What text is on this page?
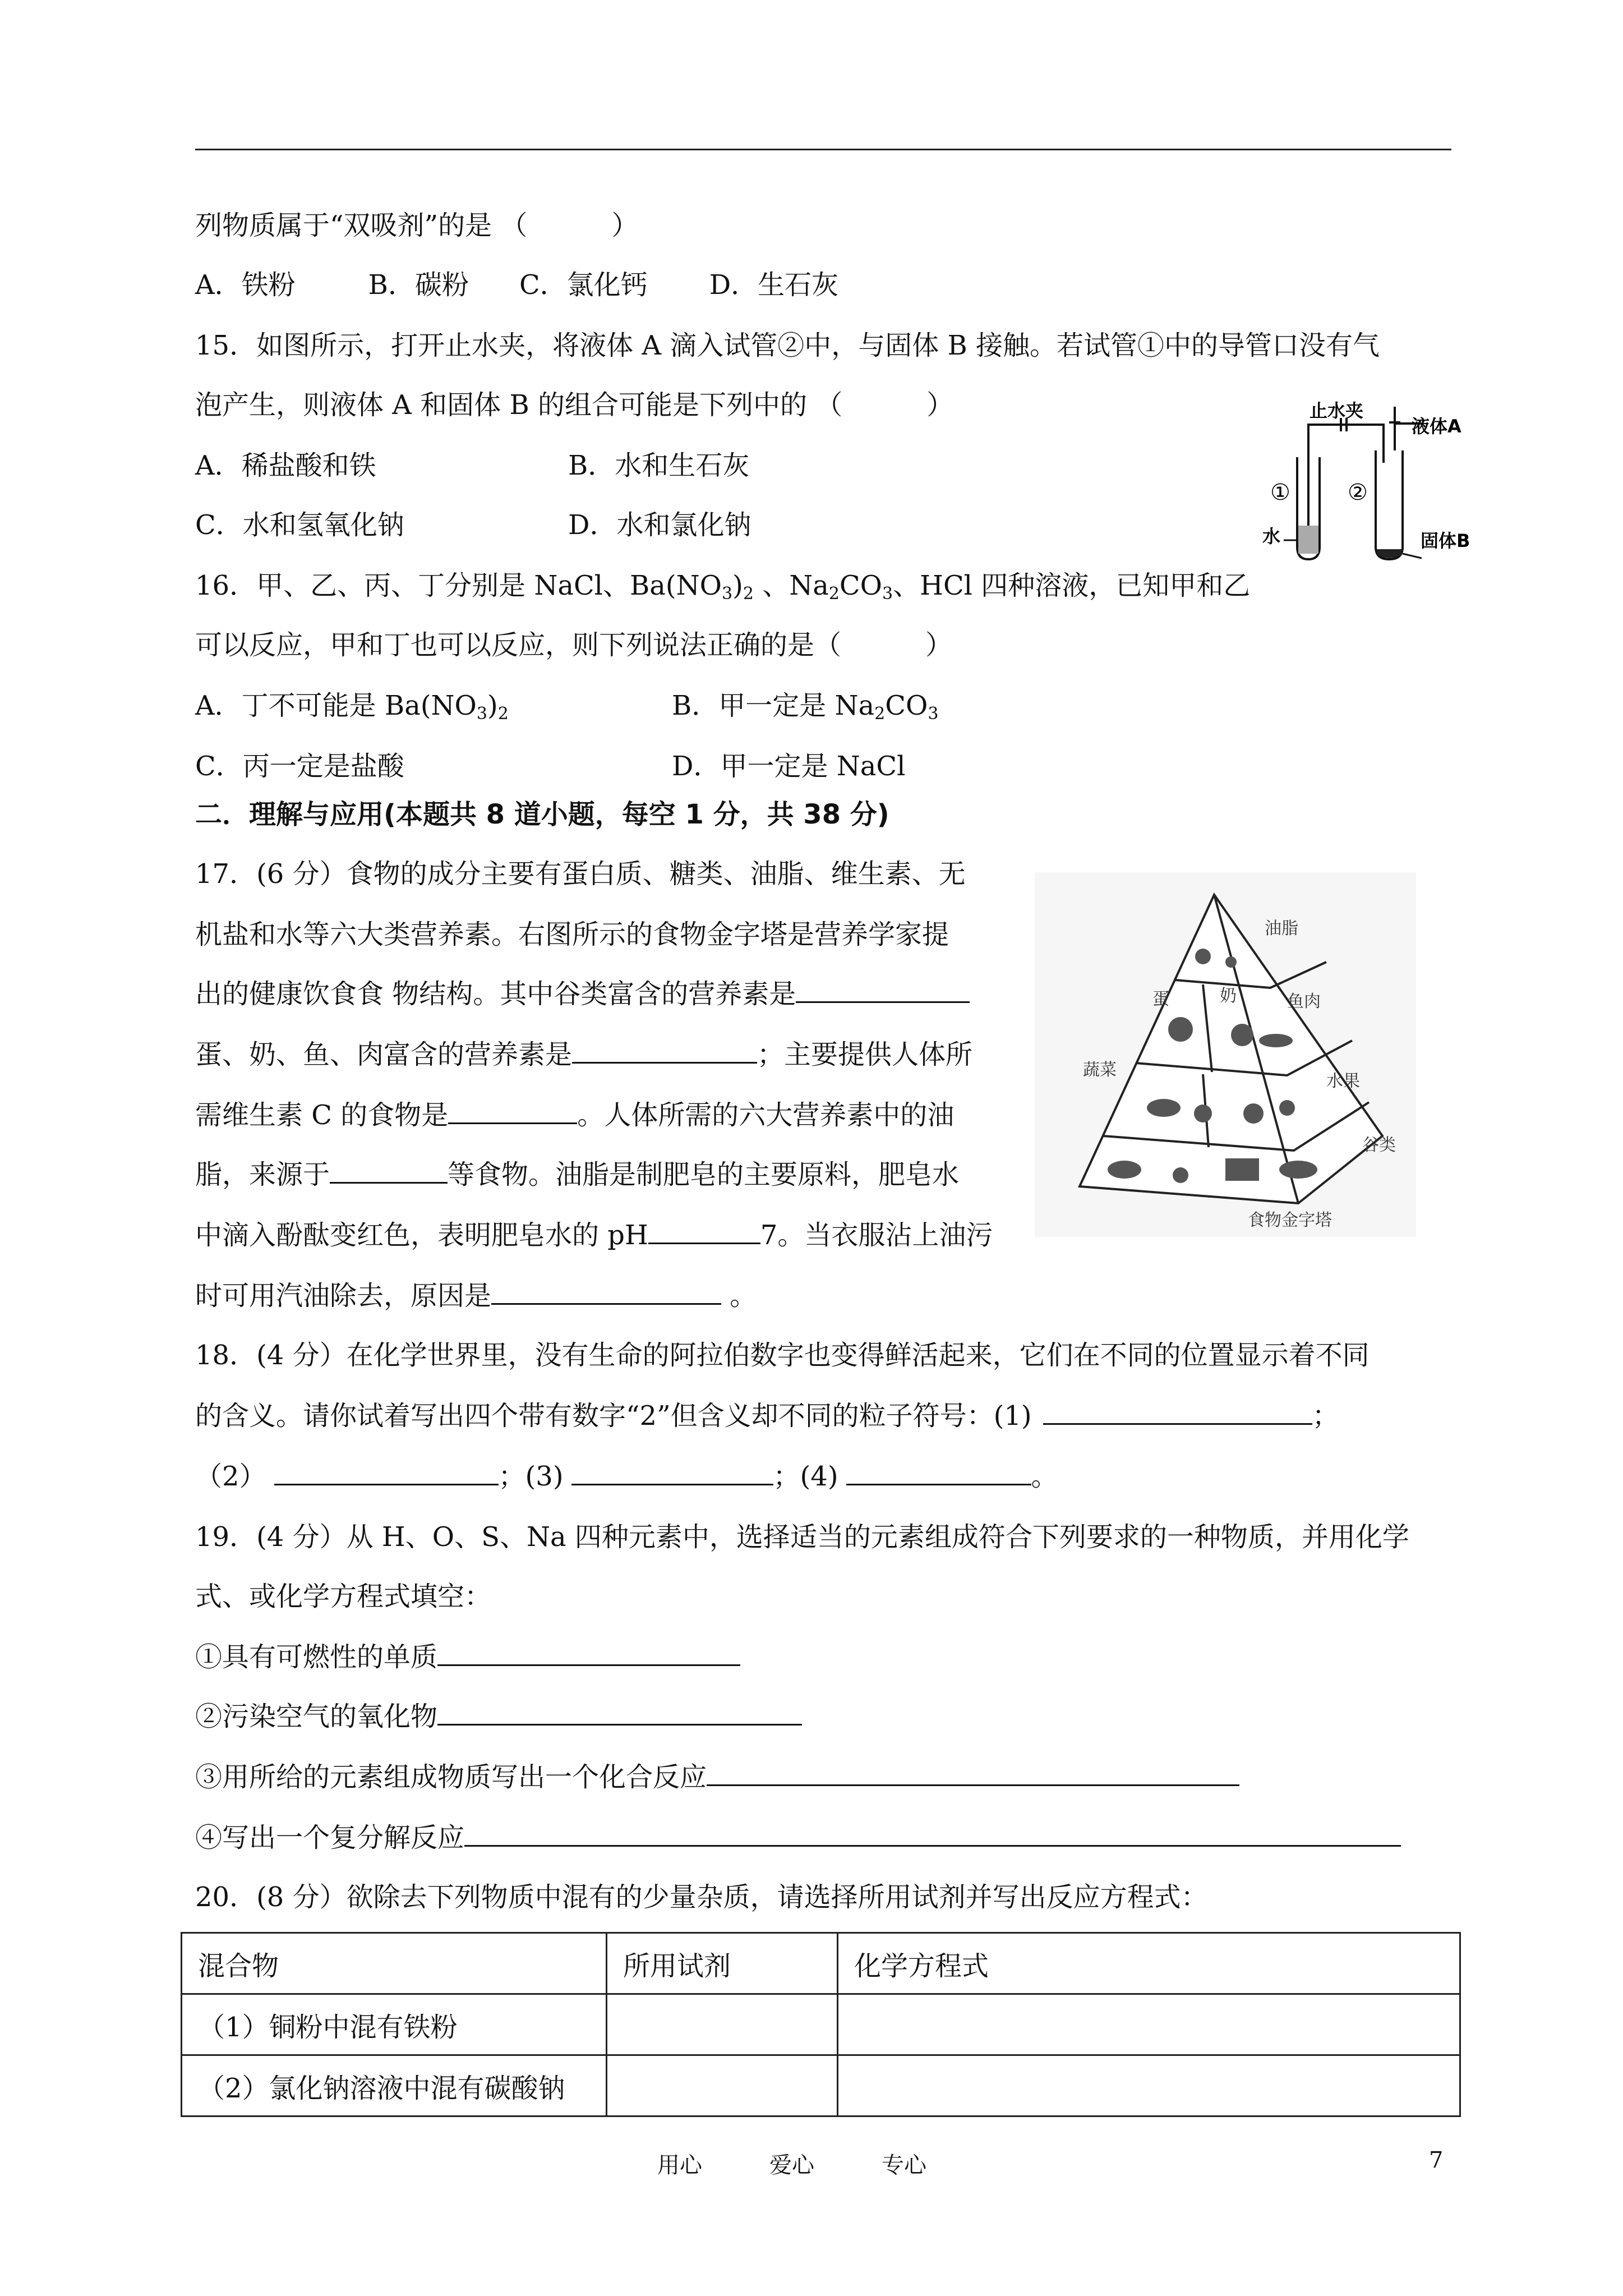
列物质属于“双吸剂”的是 （	）
A．铁粉	B．碳粉 C．氯化钙 D．生石灰
15．如图所示，打开止水夹，将液体 A 滴入试管②中，与固体 B 接触。若试管①中的导管口没有气
泡产生，则液体 A 和固体 B 的组合可能是下列中的 （	）
A．稀盐酸和铁	B．水和生石灰
C．水和氢氧化钠	D．水和氯化钠
止水夹
液体A
①	②
水	固体B
16．甲、乙、丙、丁分别是 NaCl、$Ba(NO_3)_2$ 、$Na_2CO_3$、HCl 四种溶液，已知甲和乙
可以反应，甲和丁也可以反应，则下列说法正确的是（	）
A．丁不可能是 $Ba(NO_3)_2$	B．甲一定是 $Na_2CO_3$
C．丙一定是盐酸	D．甲一定是 NaCl
二．理解与应用(本题共 8 道小题，每空 1 分，共 38 分)
17．(6 分）食物的成分主要有蛋白质、糖类、油脂、维生素、无
机盐和水等六大类营养素。右图所示的食物金字塔是营养学家提
出的健康饮食食 物结构。其中谷类富含的营养素是
蛋、奶、鱼、肉富含的营养素是	；主要提供人体所
需维生素 C 的食物是	。人体所需的六大营养素中的油
脂，来源于	等食物。油脂是制肥皂的主要原料，肥皂水
中滴入酚酞变红色，表明肥皂水的 pH	7。当衣服沾上油污
时可用汽油除去，原因是	。
油脂
蛋	奶	鱼肉
蔬菜
水果
谷类
食物金字塔
18．(4 分）在化学世界里，没有生命的阿拉伯数字也变得鲜活起来，它们在不同的位置显示着不同
的含义。请你试着写出四个带有数字“2”但含义却不同的粒子符号：(1)	；
（2）	；(3)	；(4)	。
19．(4 分）从 H、O、S、Na 四种元素中，选择适当的元素组成符合下列要求的一种物质，并用化学
式、或化学方程式填空：
①具有可燃性的单质
②污染空气的氧化物
③用所给的元素组成物质写出一个化合反应
④写出一个复分解反应
20．(8 分）欲除去下列物质中混有的少量杂质，请选择所用试剂并写出反应方程式：
混合物	所用试剂	化学方程式
（1）铜粉中混有铁粉		
（2）氯化钠溶液中混有碳酸钠		
用心	爱心	专心	7
